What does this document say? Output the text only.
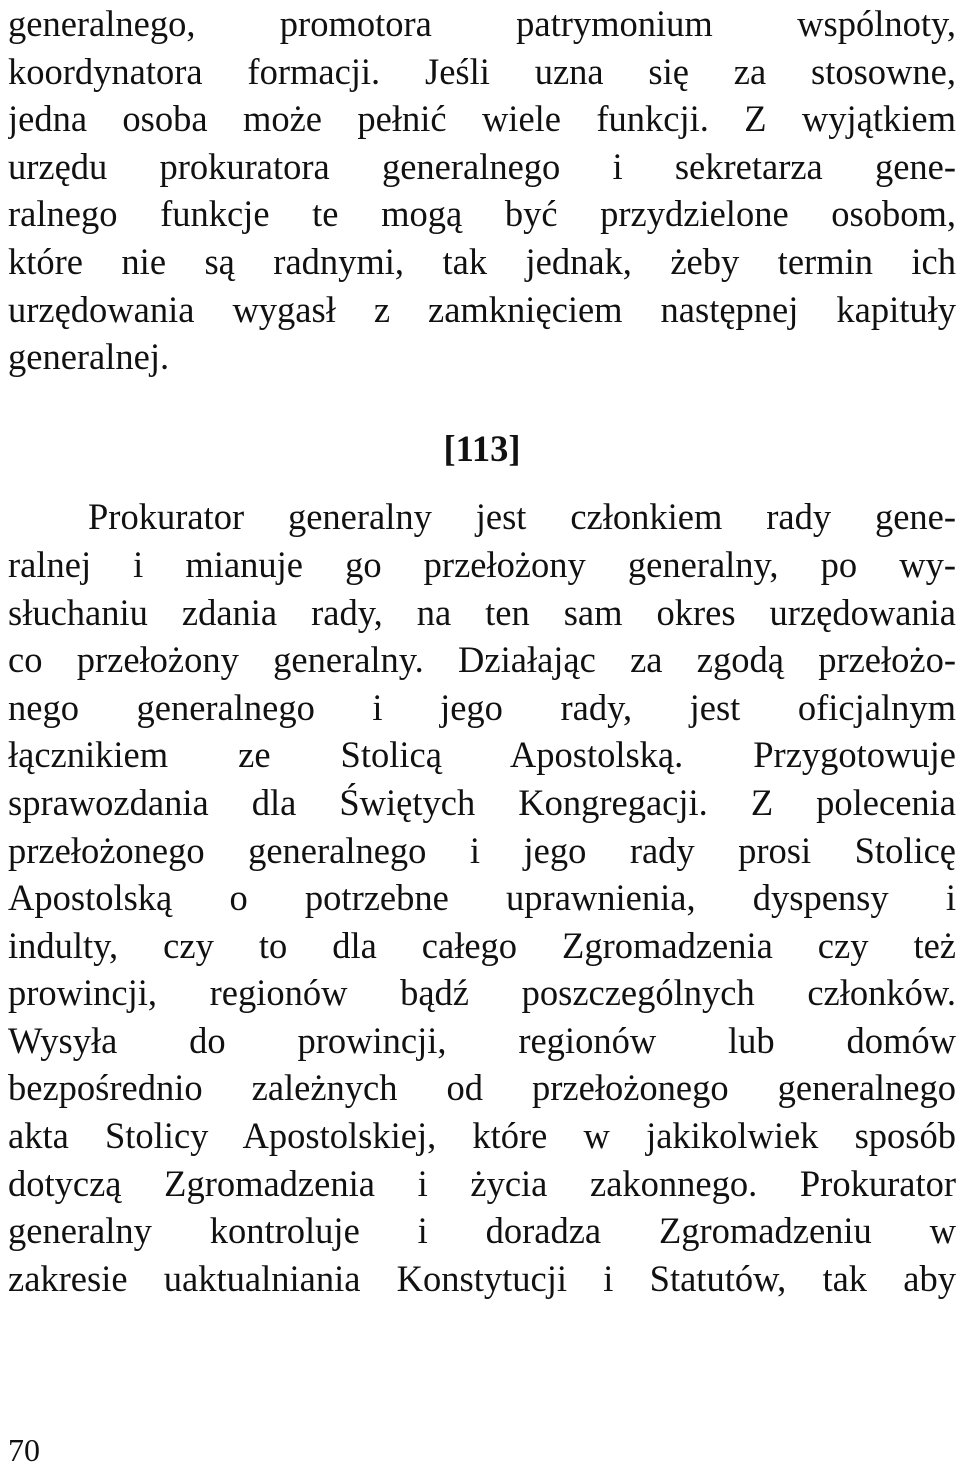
generalnego, promotora patrymonium wspólnoty,
koordynatora formacji. Jeśli uzna się za stosowne,
jedna osoba może pełnić wiele funkcji. Z wyjątkiem
urzędu prokuratora generalnego i sekretarza gene-
ralnego funkcje te mogą być przydzielone osobom,
które nie są radnymi, tak jednak, żeby termin ich
urzędowania wygasł z zamknięciem następnej kapituły
generalnej.
[113]
Prokurator generalny jest członkiem rady gene-
ralnej i mianuje go przełożony generalny, po wy-
słuchaniu zdania rady, na ten sam okres urzędowania
co przełożony generalny. Działając za zgodą przełożo-
nego generalnego i jego rady, jest oficjalnym
łącznikiem ze Stolicą Apostolską. Przygotowuje
sprawozdania dla Świętych Kongregacji. Z polecenia
przełożonego generalnego i jego rady prosi Stolicę
Apostolską o potrzebne uprawnienia, dyspensy i
indulty, czy to dla całego Zgromadzenia czy też
prowincji, regionów bądź poszczególnych członków.
Wysyła do prowincji, regionów lub domów
bezpośrednio zależnych od przełożonego generalnego
akta Stolicy Apostolskiej, które w jakikolwiek sposób
dotyczą Zgromadzenia i życia zakonnego. Prokurator
generalny kontroluje i doradza Zgromadzeniu w
zakresie uaktualniania Konstytucji i Statutów, tak aby
70
